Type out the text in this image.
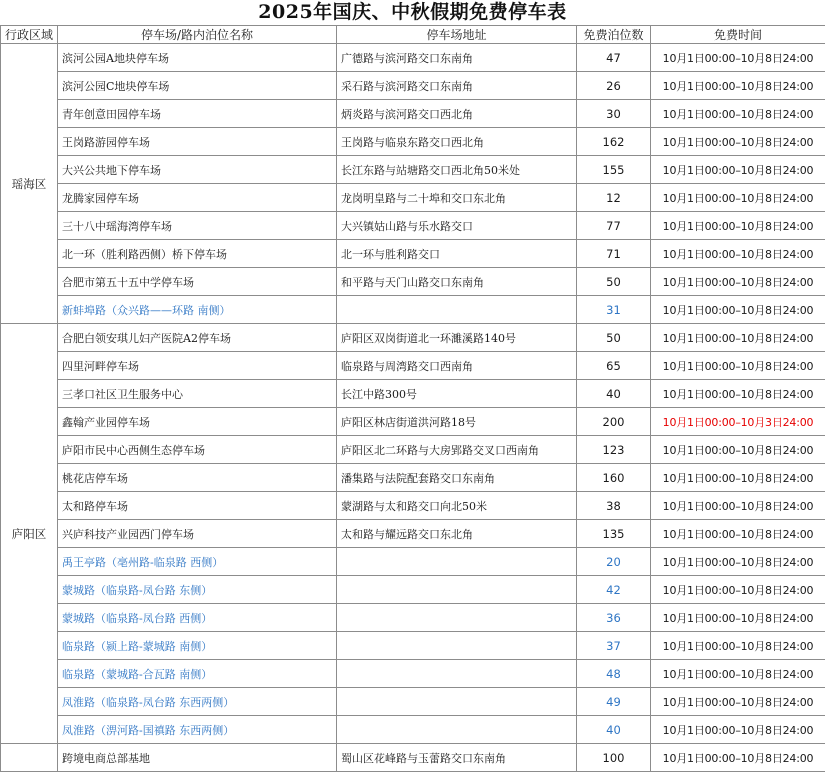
2025年国庆、中秋假期免费停车表
行政区域	停车场/路内泊位名称	停车场地址	免费泊位数	免费时间
瑶海区	滨河公园A地块停车场	广德路与滨河路交口东南角	47	10月1日00:00–10月8日24:00
	滨河公园C地块停车场	采石路与滨河路交口东南角	26	10月1日00:00–10月8日24:00
	青年创意田园停车场	炳炎路与滨河路交口西北角	30	10月1日00:00–10月8日24:00
	王岗路游园停车场	王岗路与临泉东路交口西北角	162	10月1日00:00–10月8日24:00
	大兴公共地下停车场	长江东路与站塘路交口西北角50米处	155	10月1日00:00–10月8日24:00
	龙腾家园停车场	龙岗明皇路与二十埠和交口东北角	12	10月1日00:00–10月8日24:00
	三十八中瑶海湾停车场	大兴镇姑山路与乐水路交口	77	10月1日00:00–10月8日24:00
	北一环（胜利路西侧）桥下停车场	北一环与胜利路交口	71	10月1日00:00–10月8日24:00
	合肥市第五十五中学停车场	和平路与天门山路交口东南角	50	10月1日00:00–10月8日24:00
	新蚌埠路（众兴路——环路 南侧）		31	10月1日00:00–10月8日24:00
庐阳区	合肥白领安琪儿妇产医院A2停车场	庐阳区双岗街道北一环濉溪路140号	50	10月1日00:00–10月8日24:00
	四里河畔停车场	临泉路与周湾路交口西南角	65	10月1日00:00–10月8日24:00
	三孝口社区卫生服务中心	长江中路300号	40	10月1日00:00–10月8日24:00
	鑫翰产业园停车场	庐阳区林店街道洪河路18号	200	10月1日00:00–10月3日24:00
	庐阳市民中心西侧生态停车场	庐阳区北二环路与大房郢路交叉口西南角	123	10月1日00:00–10月8日24:00
	桃花店停车场	潘集路与法院配套路交口东南角	160	10月1日00:00–10月8日24:00
	太和路停车场	蒙湖路与太和路交口向北50米	38	10月1日00:00–10月8日24:00
	兴庐科技产业园西门停车场	太和路与耀远路交口东北角	135	10月1日00:00–10月8日24:00
	禹王亭路（亳州路-临泉路 西侧）		20	10月1日00:00–10月8日24:00
	蒙城路（临泉路-凤台路 东侧）		42	10月1日00:00–10月8日24:00
	蒙城路（临泉路-凤台路 西侧）		36	10月1日00:00–10月8日24:00
	临泉路（颍上路-蒙城路 南侧）		37	10月1日00:00–10月8日24:00
	临泉路（蒙城路-合瓦路 南侧）		48	10月1日00:00–10月8日24:00
	凤淮路（临泉路-凤台路 东西两侧）		49	10月1日00:00–10月8日24:00
	凤淮路（淠河路-国禛路 东西两侧）		40	10月1日00:00–10月8日24:00
	跨境电商总部基地	蜀山区花峰路与玉蕾路交口东南角	100	10月1日00:00–10月8日24:00
